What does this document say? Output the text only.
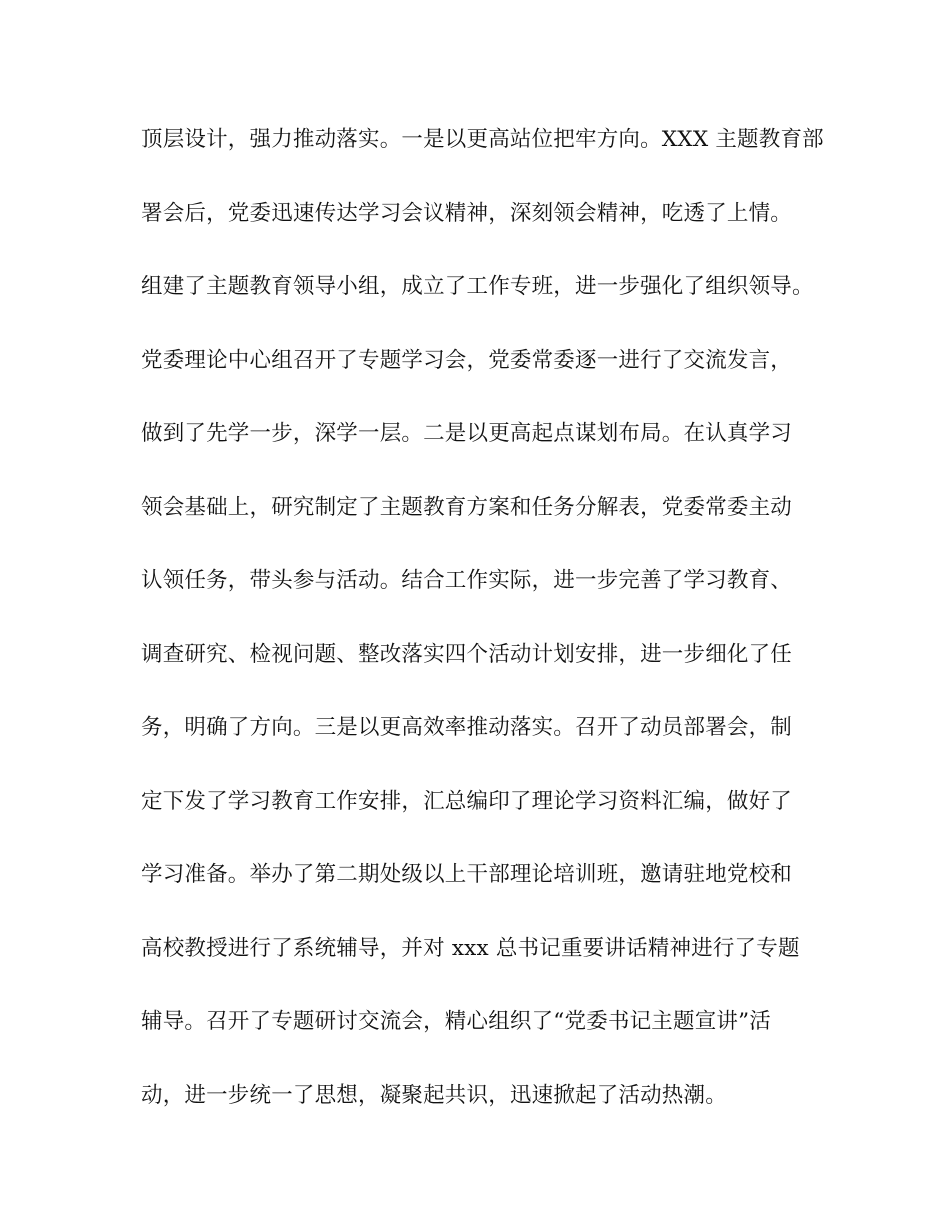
顶层设计，强力推动落实。一是以更高站位把牢方向。XXX 主题教育部
署会后，党委迅速传达学习会议精神，深刻领会精神，吃透了上情。
组建了主题教育领导小组，成立了工作专班，进一步强化了组织领导。
党委理论中心组召开了专题学习会，党委常委逐一进行了交流发言，
做到了先学一步，深学一层。二是以更高起点谋划布局。在认真学习
领会基础上，研究制定了主题教育方案和任务分解表，党委常委主动
认领任务，带头参与活动。结合工作实际，进一步完善了学习教育、
调查研究、检视问题、整改落实四个活动计划安排，进一步细化了任
务，明确了方向。三是以更高效率推动落实。召开了动员部署会，制
定下发了学习教育工作安排，汇总编印了理论学习资料汇编，做好了
学习准备。举办了第二期处级以上干部理论培训班，邀请驻地党校和
高校教授进行了系统辅导，并对 xxx 总书记重要讲话精神进行了专题
辅导。召开了专题研讨交流会，精心组织了“党委书记主题宣讲”活
动，进一步统一了思想，凝聚起共识，迅速掀起了活动热潮。
